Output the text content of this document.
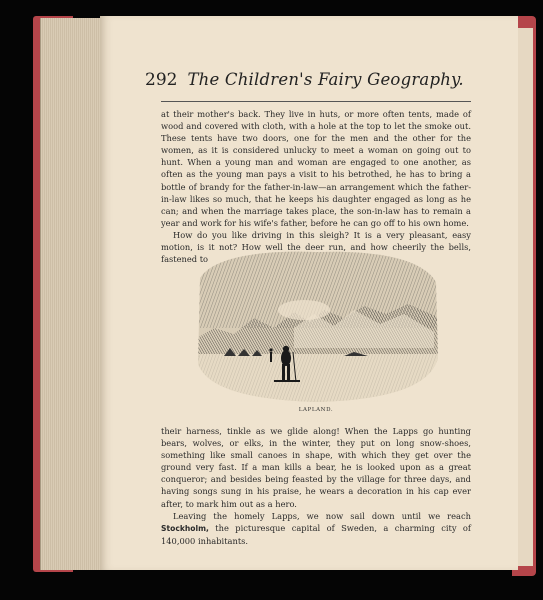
292 The Children's Fairy Geography.

at their mother's back. They live in huts, or more often tents, made of wood and covered with cloth, with a hole at the top to let the smoke out. These tents have two doors, one for the men and the other for the women, as it is considered unlucky to meet a woman on going out to hunt. When a young man and woman are engaged to one another, as often as the young man pays a visit to his betrothed, he has to bring a bottle of brandy for the father-in-law—an arrangement which the father-in-law likes so much, that he keeps his daughter engaged as long as he can; and when the marriage takes place, the son-in-law has to remain a year and work for his wife's father, before he can go off to his own home.

How do you like driving in this sleigh? It is a very pleasant, easy motion, is it not? How well the deer run, and how cheerily the bells, fastened to

LAPLAND.

their harness, tinkle as we glide along! When the Lapps go hunting bears, wolves, or elks, in the winter, they put on long snow-shoes, something like small canoes in shape, with which they get over the ground very fast. If a man kills a bear, he is looked upon as a great conqueror; and besides being feasted by the village for three days, and having songs sung in his praise, he wears a decoration in his cap ever after, to mark him out as a hero.

Leaving the homely Lapps, we now sail down until we reach Stockholm, the picturesque capital of Sweden, a charming city of 140,000 inhabitants.
